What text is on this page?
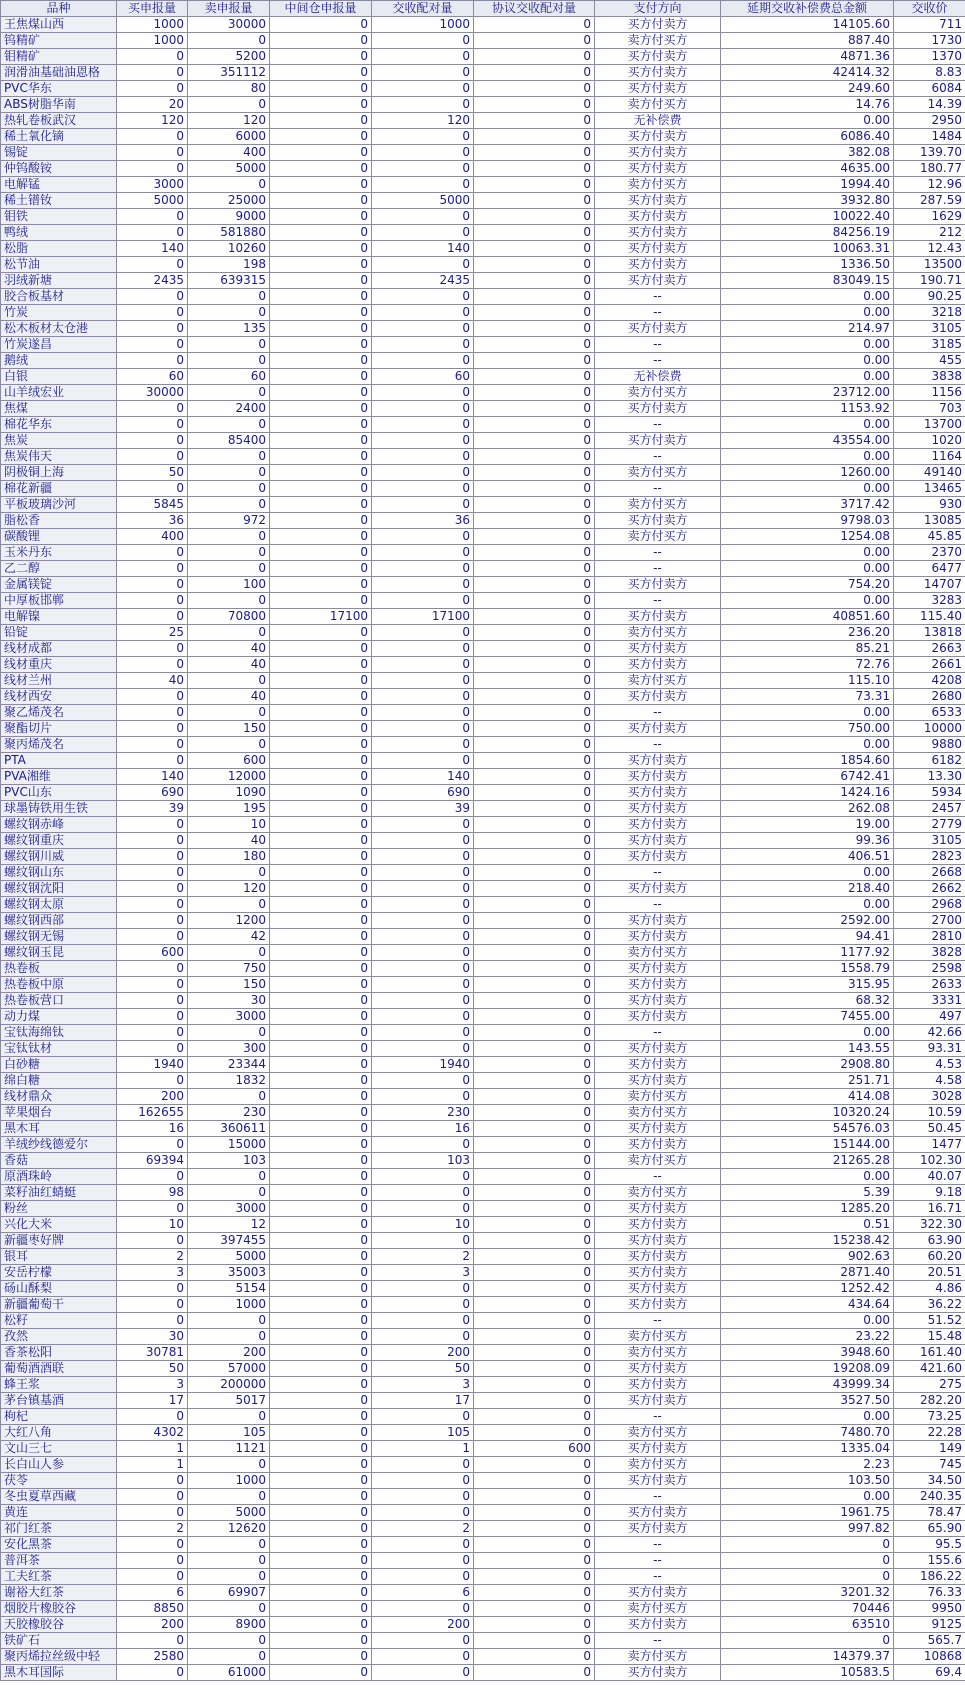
品种	买申报量	卖申报量	中间仓申报量	交收配对量	协议交收配对量	支付方向	延期交收补偿费总金额	交收价
王焦煤山西	1000	30000	0	1000	0	买方付卖方	14105.60	711
钨精矿	1000	0	0	0	0	卖方付买方	887.40	1730
钼精矿	0	5200	0	0	0	买方付卖方	4871.36	1370
润滑油基础油恩格	0	351112	0	0	0	买方付卖方	42414.32	8.83
PVC华东	0	80	0	0	0	买方付卖方	249.60	6084
ABS树脂华南	20	0	0	0	0	卖方付买方	14.76	14.39
热轧卷板武汉	120	120	0	120	0	无补偿费	0.00	2950
稀土氧化镝	0	6000	0	0	0	买方付卖方	6086.40	1484
锡锭	0	400	0	0	0	买方付卖方	382.08	139.70
仲钨酸铵	0	5000	0	0	0	买方付卖方	4635.00	180.77
电解锰	3000	0	0	0	0	卖方付买方	1994.40	12.96
稀土镨钕	5000	25000	0	5000	0	买方付卖方	3932.80	287.59
钼铁	0	9000	0	0	0	买方付卖方	10022.40	1629
鸭绒	0	581880	0	0	0	买方付卖方	84256.19	212
松脂	140	10260	0	140	0	买方付卖方	10063.31	12.43
松节油	0	198	0	0	0	买方付卖方	1336.50	13500
羽绒新塘	2435	639315	0	2435	0	买方付卖方	83049.15	190.71
胶合板基材	0	0	0	0	0	--	0.00	90.25
竹炭	0	0	0	0	0	--	0.00	3218
松木板材太仓港	0	135	0	0	0	买方付卖方	214.97	3105
竹炭遂昌	0	0	0	0	0	--	0.00	3185
鹅绒	0	0	0	0	0	--	0.00	455
白银	60	60	0	60	0	无补偿费	0.00	3838
山羊绒宏业	30000	0	0	0	0	卖方付买方	23712.00	1156
焦煤	0	2400	0	0	0	买方付卖方	1153.92	703
棉花华东	0	0	0	0	0	--	0.00	13700
焦炭	0	85400	0	0	0	买方付卖方	43554.00	1020
焦炭伟天	0	0	0	0	0	--	0.00	1164
阴极铜上海	50	0	0	0	0	卖方付买方	1260.00	49140
棉花新疆	0	0	0	0	0	--	0.00	13465
平板玻璃沙河	5845	0	0	0	0	卖方付买方	3717.42	930
脂松香	36	972	0	36	0	买方付卖方	9798.03	13085
碳酸锂	400	0	0	0	0	卖方付买方	1254.08	45.85
玉米丹东	0	0	0	0	0	--	0.00	2370
乙二醇	0	0	0	0	0	--	0.00	6477
金属镁锭	0	100	0	0	0	买方付卖方	754.20	14707
中厚板邯郸	0	0	0	0	0	--	0.00	3283
电解镍	0	70800	17100	17100	0	买方付卖方	40851.60	115.40
铅锭	25	0	0	0	0	卖方付买方	236.20	13818
线材成都	0	40	0	0	0	买方付卖方	85.21	2663
线材重庆	0	40	0	0	0	买方付卖方	72.76	2661
线材兰州	40	0	0	0	0	卖方付买方	115.10	4208
线材西安	0	40	0	0	0	买方付卖方	73.31	2680
聚乙烯茂名	0	0	0	0	0	--	0.00	6533
聚酯切片	0	150	0	0	0	买方付卖方	750.00	10000
聚丙烯茂名	0	0	0	0	0	--	0.00	9880
PTA	0	600	0	0	0	买方付卖方	1854.60	6182
PVA湘维	140	12000	0	140	0	买方付卖方	6742.41	13.30
PVC山东	690	1090	0	690	0	买方付卖方	1424.16	5934
球墨铸铁用生铁	39	195	0	39	0	买方付卖方	262.08	2457
螺纹钢赤峰	0	10	0	0	0	买方付卖方	19.00	2779
螺纹钢重庆	0	40	0	0	0	买方付卖方	99.36	3105
螺纹钢川威	0	180	0	0	0	买方付卖方	406.51	2823
螺纹钢山东	0	0	0	0	0	--	0.00	2668
螺纹钢沈阳	0	120	0	0	0	买方付卖方	218.40	2662
螺纹钢太原	0	0	0	0	0	--	0.00	2968
螺纹钢西部	0	1200	0	0	0	买方付卖方	2592.00	2700
螺纹钢无锡	0	42	0	0	0	买方付卖方	94.41	2810
螺纹钢玉昆	600	0	0	0	0	卖方付买方	1177.92	3828
热卷板	0	750	0	0	0	买方付卖方	1558.79	2598
热卷板中原	0	150	0	0	0	买方付卖方	315.95	2633
热卷板营口	0	30	0	0	0	买方付卖方	68.32	3331
动力煤	0	3000	0	0	0	买方付卖方	7455.00	497
宝钛海绵钛	0	0	0	0	0	--	0.00	42.66
宝钛钛材	0	300	0	0	0	买方付卖方	143.55	93.31
白砂糖	1940	23344	0	1940	0	买方付卖方	2908.80	4.53
绵白糖	0	1832	0	0	0	买方付卖方	251.71	4.58
线材鼎众	200	0	0	0	0	卖方付买方	414.08	3028
苹果烟台	162655	230	0	230	0	卖方付买方	10320.24	10.59
黑木耳	16	360611	0	16	0	买方付卖方	54576.03	50.45
羊绒纱线德爱尔	0	15000	0	0	0	买方付卖方	15144.00	1477
香菇	69394	103	0	103	0	卖方付买方	21265.28	102.30
原酒珠岭	0	0	0	0	0	--	0.00	40.07
菜籽油红蜻蜓	98	0	0	0	0	卖方付买方	5.39	9.18
粉丝	0	3000	0	0	0	买方付卖方	1285.20	16.71
兴化大米	10	12	0	10	0	买方付卖方	0.51	322.30
新疆枣好牌	0	397455	0	0	0	买方付卖方	15238.42	63.90
银耳	2	5000	0	2	0	买方付卖方	902.63	60.20
安岳柠檬	3	35003	0	3	0	买方付卖方	2871.40	20.51
砀山酥梨	0	5154	0	0	0	买方付卖方	1252.42	4.86
新疆葡萄干	0	1000	0	0	0	买方付卖方	434.64	36.22
松籽	0	0	0	0	0	--	0.00	51.52
孜然	30	0	0	0	0	卖方付买方	23.22	15.48
香茶松阳	30781	200	0	200	0	卖方付买方	3948.60	161.40
葡萄酒酒联	50	57000	0	50	0	买方付卖方	19208.09	421.60
蜂王浆	3	200000	0	3	0	买方付卖方	43999.34	275
茅台镇基酒	17	5017	0	17	0	买方付卖方	3527.50	282.20
枸杞	0	0	0	0	0	--	0.00	73.25
大红八角	4302	105	0	105	0	卖方付买方	7480.70	22.28
文山三七	1	1121	0	1	600	买方付卖方	1335.04	149
长白山人参	1	0	0	0	0	卖方付买方	2.23	745
茯苓	0	1000	0	0	0	买方付卖方	103.50	34.50
冬虫夏草西藏	0	0	0	0	0	--	0.00	240.35
黄连	0	5000	0	0	0	买方付卖方	1961.75	78.47
祁门红茶	2	12620	0	2	0	买方付卖方	997.82	65.90
安化黑茶	0	0	0	0	0	--	0	95.5
普洱茶	0	0	0	0	0	--	0	155.6
工夫红茶	0	0	0	0	0	--	0	186.22
谢裕大红茶	6	69907	0	6	0	买方付卖方	3201.32	76.33
烟胶片橡胶谷	8850	0	0	0	0	卖方付买方	70446	9950
天胶橡胶谷	200	8900	0	200	0	买方付卖方	63510	9125
铁矿石	0	0	0	0	0	--	0	565.7
聚丙烯拉丝级中轻	2580	0	0	0	0	卖方付买方	14379.37	10868
黑木耳国际	0	61000	0	0	0	买方付卖方	10583.5	69.4
